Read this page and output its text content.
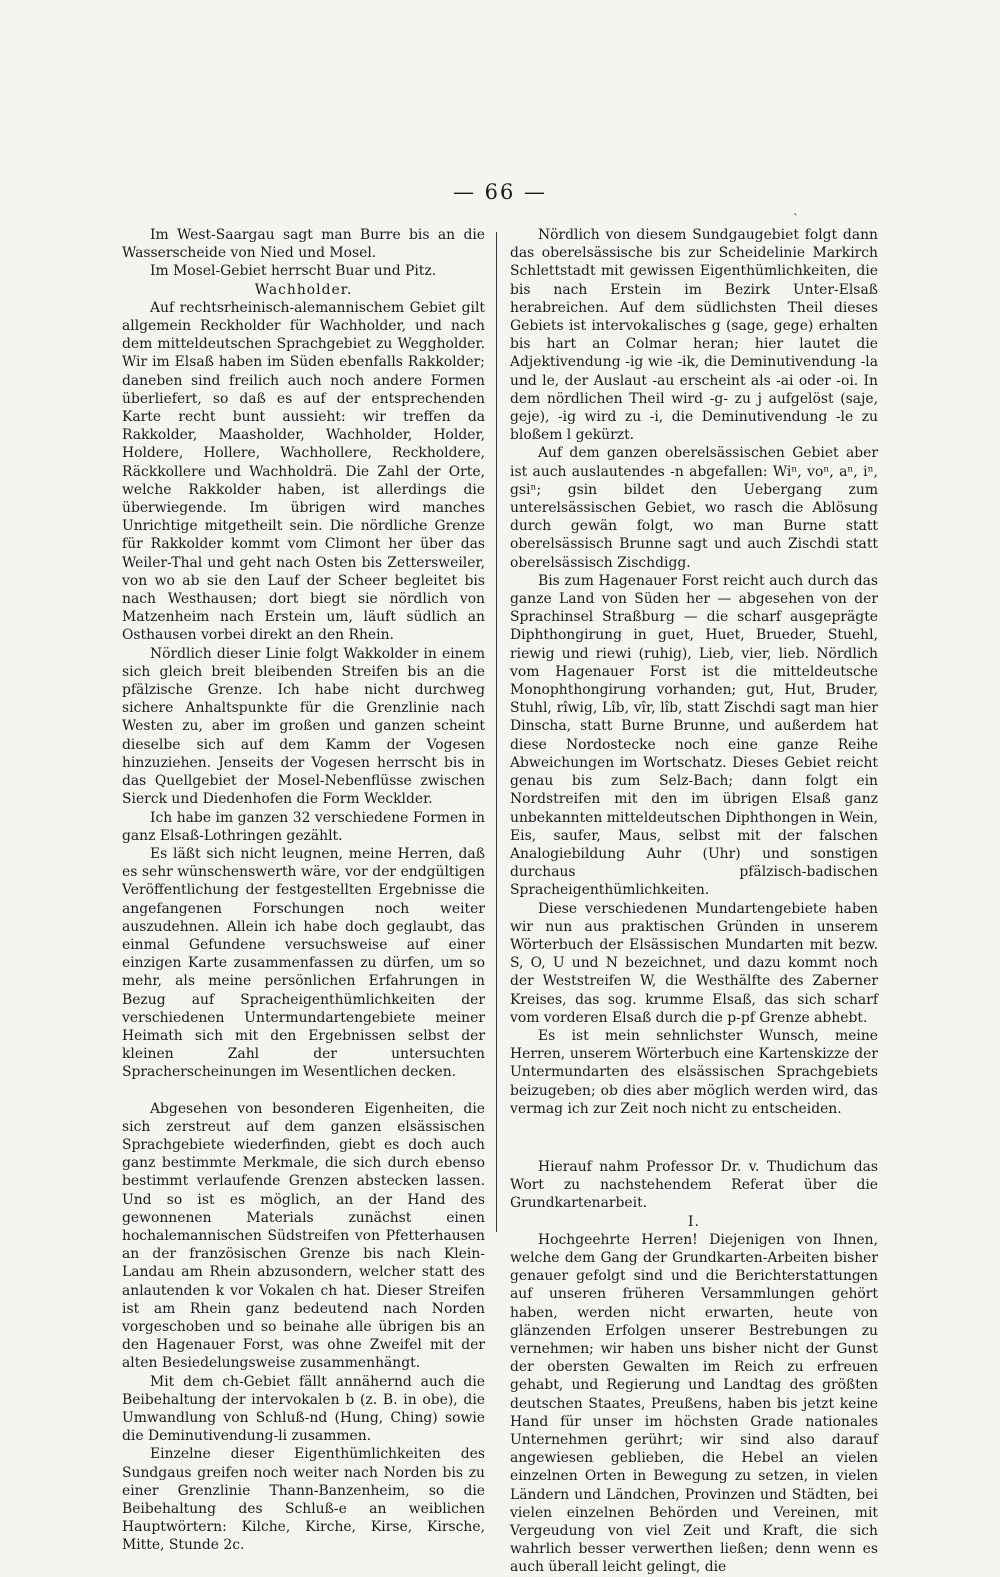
— 66 —
ˋ

Im West-Saargau sagt man Burre bis an die Wasserscheide von Nied und Mosel.

Im Mosel-Gebiet herrscht Buar und Pitz.

Wachholder.

Auf rechtsrheinisch-alemannischem Gebiet gilt allgemein Reckholder für Wachholder, und nach dem mitteldeutschen Sprachgebiet zu Weggholder. Wir im Elsaß haben im Süden ebenfalls Rakkolder; daneben sind freilich auch noch andere Formen überliefert, so daß es auf der entsprechenden Karte recht bunt aussieht: wir treffen da Rakkolder, Maasholder, Wachholder, Holder, Holdere, Hollere, Wachhollere, Reckholdere, Räckkollere und Wachholdrä. Die Zahl der Orte, welche Rakkolder haben, ist allerdings die überwiegende. Im übrigen wird manches Unrichtige mitgetheilt sein. Die nördliche Grenze für Rakkolder kommt vom Climont her über das Weiler-Thal und geht nach Osten bis Zettersweiler, von wo ab sie den Lauf der Scheer begleitet bis nach Westhausen; dort biegt sie nördlich von Matzenheim nach Erstein um, läuft südlich an Osthausen vorbei direkt an den Rhein.

Nördlich dieser Linie folgt Wakkolder in einem sich gleich breit bleibenden Streifen bis an die pfälzische Grenze. Ich habe nicht durchweg sichere Anhaltspunkte für die Grenzlinie nach Westen zu, aber im großen und ganzen scheint dieselbe sich auf dem Kamm der Vogesen hinzuziehen. Jenseits der Vogesen herrscht bis in das Quellgebiet der Mosel-Nebenflüsse zwischen Sierck und Diedenhofen die Form Wecklder.

Ich habe im ganzen 32 verschiedene Formen in ganz Elsaß-Lothringen gezählt.

Es läßt sich nicht leugnen, meine Herren, daß es sehr wünschenswerth wäre, vor der endgültigen Veröffentlichung der festgestellten Ergebnisse die angefangenen Forschungen noch weiter auszudehnen. Allein ich habe doch geglaubt, das einmal Gefundene versuchsweise auf einer einzigen Karte zusammenfassen zu dürfen, um so mehr, als meine persönlichen Erfahrungen in Bezug auf Spracheigenthümlichkeiten der verschiedenen Untermundartengebiete meiner Heimath sich mit den Ergebnissen selbst der kleinen Zahl der untersuchten Spracherscheinungen im Wesentlichen decken.

Abgesehen von besonderen Eigenheiten, die sich zerstreut auf dem ganzen elsässischen Sprachgebiete wiederfinden, giebt es doch auch ganz bestimmte Merkmale, die sich durch ebenso bestimmt verlaufende Grenzen abstecken lassen. Und so ist es möglich, an der Hand des gewonnenen Materials zunächst einen hochalemannischen Südstreifen von Pfetterhausen an der französischen Grenze bis nach Klein-Landau am Rhein abzusondern, welcher statt des anlautenden k vor Vokalen ch hat. Dieser Streifen ist am Rhein ganz bedeutend nach Norden vorgeschoben und so beinahe alle übrigen bis an den Hagenauer Forst, was ohne Zweifel mit der alten Besiedelungsweise zusammenhängt.

Mit dem ch-Gebiet fällt annähernd auch die Beibehaltung der intervokalen b (z. B. in obe), die Umwandlung von Schluß-nd (Hung, Ching) sowie die Deminutivendung-li zusammen.

Einzelne dieser Eigenthümlichkeiten des Sundgaus greifen noch weiter nach Norden bis zu einer Grenzlinie Thann-Banzenheim, so die Beibehaltung des Schluß-e an weiblichen Hauptwörtern: Kilche, Kirche, Kirse, Kirsche, Mitte, Stunde 2c.

Nördlich von diesem Sundgaugebiet folgt dann das oberelsässische bis zur Scheidelinie Markirch Schlettstadt mit gewissen Eigenthümlichkeiten, die bis nach Erstein im Bezirk Unter-Elsaß herabreichen. Auf dem südlichsten Theil dieses Gebiets ist intervokalisches g (sage, gege) erhalten bis hart an Colmar heran; hier lautet die Adjektivendung -ig wie -ik, die Deminutivendung -la und le, der Auslaut -au erscheint als -ai oder -oi. In dem nördlichen Theil wird -g- zu j aufgelöst (saje, geje), -ig wird zu -i, die Deminutivendung -le zu bloßem l gekürzt.

Auf dem ganzen oberelsässischen Gebiet aber ist auch auslautendes -n abgefallen: Wiⁿ, voⁿ, aⁿ, iⁿ, gsiⁿ; gsin bildet den Uebergang zum unterelsässischen Gebiet, wo rasch die Ablösung durch gewän folgt, wo man Burne statt oberelsässisch Brunne sagt und auch Zischdi statt oberelsässisch Zischdigg.

Bis zum Hagenauer Forst reicht auch durch das ganze Land von Süden her — abgesehen von der Sprachinsel Straßburg — die scharf ausgeprägte Diphthongirung in guet, Huet, Brueder, Stuehl, riewig und riewi (ruhig), Lieb, vier, lieb. Nördlich vom Hagenauer Forst ist die mitteldeutsche Monophthongirung vorhanden; gut, Hut, Bruder, Stuhl, rîwig, Lîb, vîr, lîb, statt Zischdi sagt man hier Dinscha, statt Burne Brunne, und außerdem hat diese Nordostecke noch eine ganze Reihe Abweichungen im Wortschatz. Dieses Gebiet reicht genau bis zum Selz-Bach; dann folgt ein Nordstreifen mit den im übrigen Elsaß ganz unbekannten mitteldeutschen Diphthongen in Wein, Eis, saufer, Maus, selbst mit der falschen Analogiebildung Auhr (Uhr) und sonstigen durchaus pfälzisch-badischen Spracheigenthümlichkeiten.

Diese verschiedenen Mundartengebiete haben wir nun aus praktischen Gründen in unserem Wörterbuch der Elsässischen Mundarten mit bezw. S, O, U und N bezeichnet, und dazu kommt noch der Weststreifen W, die Westhälfte des Zaberner Kreises, das sog. krumme Elsaß, das sich scharf vom vorderen Elsaß durch die p-pf Grenze abhebt.

Es ist mein sehnlichster Wunsch, meine Herren, unserem Wörterbuch eine Kartenskizze der Untermundarten des elsässischen Sprachgebiets beizugeben; ob dies aber möglich werden wird, das vermag ich zur Zeit noch nicht zu entscheiden.

Hierauf nahm Professor Dr. v. Thudichum das Wort zu nachstehendem Referat über die Grundkartenarbeit.

I.

Hochgeehrte Herren! Diejenigen von Ihnen, welche dem Gang der Grundkarten-Arbeiten bisher genauer gefolgt sind und die Berichterstattungen auf unseren früheren Versammlungen gehört haben, werden nicht erwarten, heute von glänzenden Erfolgen unserer Bestrebungen zu vernehmen; wir haben uns bisher nicht der Gunst der obersten Gewalten im Reich zu erfreuen gehabt, und Regierung und Landtag des größten deutschen Staates, Preußens, haben bis jetzt keine Hand für unser im höchsten Grade nationales Unternehmen gerührt; wir sind also darauf angewiesen geblieben, die Hebel an vielen einzelnen Orten in Bewegung zu setzen, in vielen Ländern und Ländchen, Provinzen und Städten, bei vielen einzelnen Behörden und Vereinen, mit Vergeudung von viel Zeit und Kraft, die sich wahrlich besser verwerthen ließen; denn wenn es auch überall leicht gelingt, die
